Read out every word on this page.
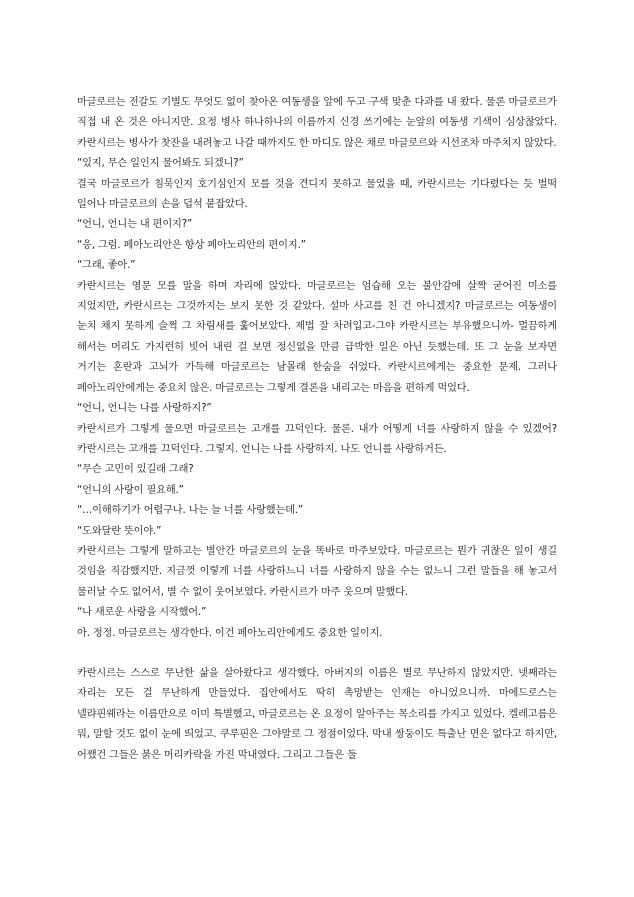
마글로르는 전갈도 기별도 무엇도 없이 찾아온 여동생을 앞에 두고 구색 맞춘 다과를 내 왔다. 물론 마글로르가 직접 내 온 것은 아니지만. 요정 병사 하나하나의 이름까지 신경 쓰기에는 눈앞의 여동생 기색이 심상찮았다. 카란시르는 병사가 찻잔을 내려놓고 나갈 때까지도 한 마디도 않은 채로 마글로르와 시선조차 마주치지 않았다.

“있지, 무슨 일인지 물어봐도 되겠니?”

결국 마글로르가 침묵인지 호기심인지 모를 것을 견디지 못하고 물었을 때, 카란시르는 기다렸다는 듯 벌떡 일어나 마글로르의 손을 덥석 붙잡았다.

“언니, 언니는 내 편이지?”

“응, 그럼. 페아노리안은 항상 페아노리안의 편이지.”

“그래, 좋아.”

카란시르는 영문 모를 말을 하며 자리에 앉았다. 마글로르는 엄습해 오는 불안감에 살짝 굳어진 미소를 지었지만, 카란시르는 그것까지는 보지 못한 것 같았다. 설마 사고를 친 건 아니겠지? 마글로르는 여동생이 눈치 채지 못하게 슬쩍 그 차림새를 훑어보았다. 제법 잘 차려입고-그야 카란시르는 부유했으니까- 멀끔하게 해서는 머리도 가지런히 빗어 내린 걸 보면 정신없을 만큼 급박한 일은 아닌 듯했는데. 또 그 눈을 보자면 거기는 혼란과 고뇌가 가득해 마글로르는 남몰래 한숨을 쉬었다. 카란시르에게는 중요한 문제. 그러나 페아노리안에게는 중요치 않은. 마글로르는 그렇게 결론을 내리고는 마음을 편하게 먹었다.

“언니, 언니는 나를 사랑하지?”

카란시르가 그렇게 물으면 마글로르는 고개를 끄덕인다. 물론. 내가 어떻게 너를 사랑하지 않을 수 있겠어? 카란시르는 고개를 끄덕인다. 그렇지. 언니는 나를 사랑하지. 나도 언니를 사랑하거든.

“무슨 고민이 있길래 그래?

“언니의 사랑이 필요해.”

“…이해하기가 어렵구나. 나는 늘 너를 사랑했는데.”

“도와달란 뜻이야.”

카란시르는 그렇게 말하고는 별안간 마글로르의 눈을 똑바로 마주보았다. 마글로르는 뭔가 귀찮은 일이 생길 것임을 직감했지만. 지금껏 이렇게 너를 사랑하느니 너를 사랑하지 않을 수는 없느니 그런 말들을 해 놓고서 물러날 수도 없어서, 별 수 없이 웃어보였다. 카란시르가 마주 웃으며 말했다.

“나 새로운 사랑을 시작했어.”

아. 정정. 마글로르는 생각한다. 이건 페아노리안에게도 중요한 일이지.

카란시르는 스스로 무난한 삶을 살아왔다고 생각했다. 아버지의 이름은 별로 무난하지 않았지만. 넷째라는 자리는 모든 걸 무난하게 만들었다. 집안에서도 딱히 촉망받는 인재는 아니었으니까. 마에드로스는 넬랴핀웨라는 이름만으로 이미 특별했고, 마글로르는 온 요정이 알아주는 목소리를 가지고 있었다. 켈레고름은 뭐, 말할 것도 없이 눈에 띄었고. 쿠루핀은 그야말로 그 정점이었다. 막내 쌍둥이도 특출난 면은 없다고 하지만, 어쨌건 그들은 붉은 머리카락을 가진 막내였다. 그리고 그들은 둘
